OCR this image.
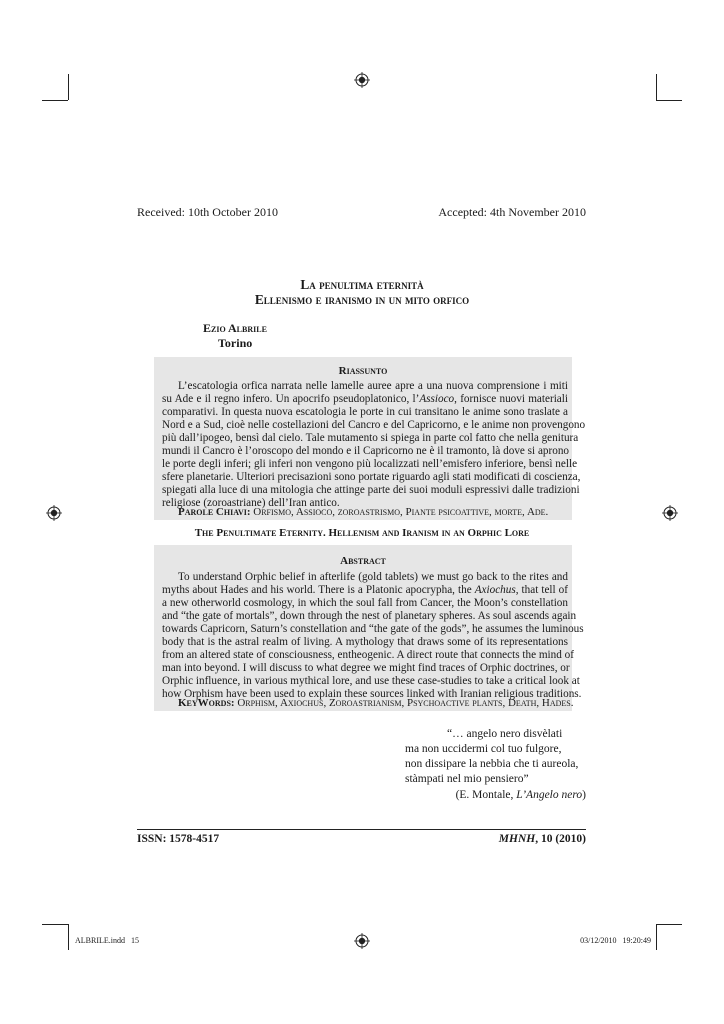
Received: 10th October 2010	Accepted: 4th November 2010
La penultima eternità
Ellenismo e iranismo in un mito orfico
Ezio Albrile
Torino
Riassunto
L’escatologia orfica narrata nelle lamelle auree apre a una nuova comprensione i miti
su Ade e il regno infero. Un apocrifo pseudoplatonico, l’Assioco, fornisce nuovi materiali
comparativi. In questa nuova escatologia le porte in cui transitano le anime sono traslate a
Nord e a Sud, cioè nelle costellazioni del Cancro e del Capricorno, e le anime non provengono
più dall’ipogeo, bensì dal cielo. Tale mutamento si spiega in parte col fatto che nella genitura
mundi il Cancro è l’oroscopo del mondo e il Capricorno ne è il tramonto, là dove si aprono
le porte degli inferi; gli inferi non vengono più localizzati nell’emisfero inferiore, bensì nelle
sfere planetarie. Ulteriori precisazioni sono portate riguardo agli stati modificati di coscienza,
spiegati alla luce di una mitologia che attinge parte dei suoi moduli espressivi dalle tradizioni
religiose (zoroastriane) dell’Iran antico.
Parole Chiavi: Orfismo, Assioco, zoroastrismo, Piante psicoattive, morte, Ade.
The Penultimate Eternity. Hellenism and Iranism in an Orphic Lore
Abstract
To understand Orphic belief in afterlife (gold tablets) we must go back to the rites and
myths about Hades and his world. There is a Platonic apocrypha, the Axiochus, that tell of
a new otherworld cosmology, in which the soul fall from Cancer, the Moon’s constellation
and “the gate of mortals”, down through the nest of planetary spheres. As soul ascends again
towards Capricorn, Saturn’s constellation and “the gate of the gods”, he assumes the luminous
body that is the astral realm of living. A mythology that draws some of its representations
from an altered state of consciousness, entheogenic. A direct route that connects the mind of
man into beyond. I will discuss to what degree we might find traces of Orphic doctrines, or
Orphic influence, in various mythical lore, and use these case-studies to take a critical look at
how Orphism have been used to explain these sources linked with Iranian religious traditions.
KeyWords: Orphism, Axiochus, Zoroastrianism, Psychoactive plants, Death, Hades.
“… angelo nero disvèlati
ma non uccidermi col tuo fulgore,
non dissipare la nebbia che ti aureola,
stàmpati nel mio pensiero”
(E. Montale, L’Angelo nero)
ISSN: 1578-4517	MHNH, 10 (2010)
ALBRILE.indd   15	03/12/2010   19:20:49
